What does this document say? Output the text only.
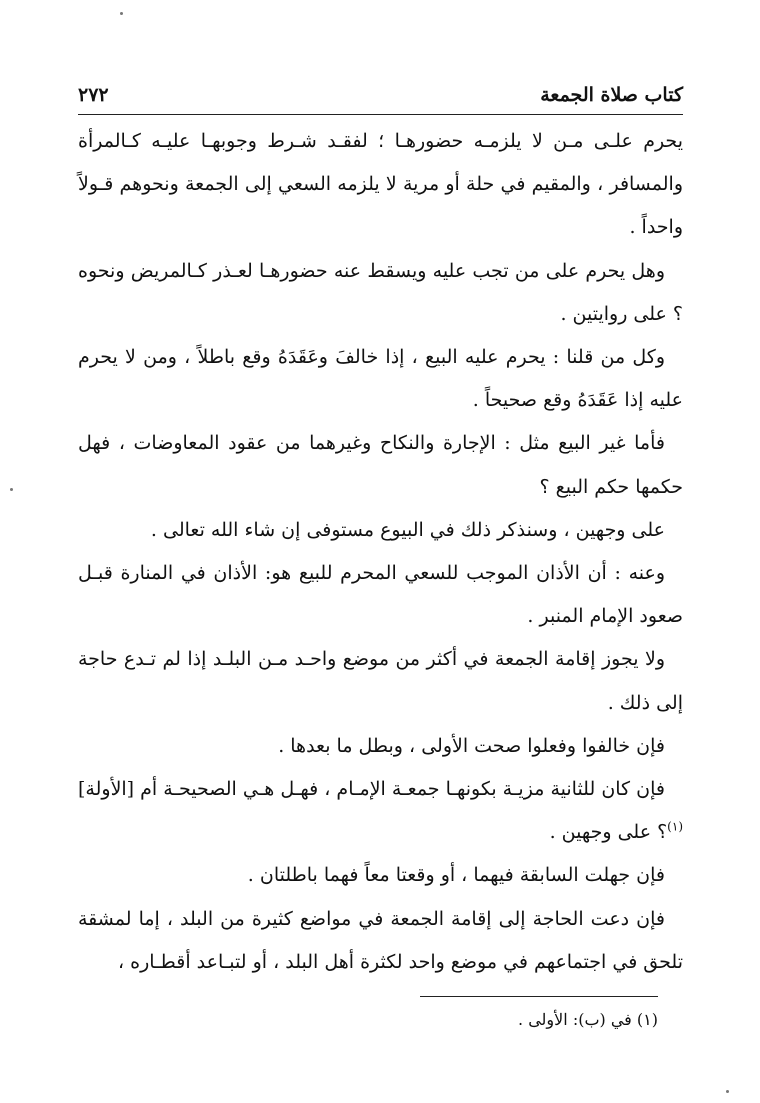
كتاب صلاة الجمعة
٢٧٢

يحرم علـى مـن لا يلزمـه حضورهـا ؛ لفقـد شـرط وجوبهـا عليـه كـالمرأة والمسافر ، والمقيم في حلة أو مرية لا يلزمه السعي إلى الجمعة ونحوهم قـولاً واحداً .

وهل يحرم على من تجب عليه ويسقط عنه حضورهـا لعـذر كـالمريض ونحوه ؟ على روايتين .

وكل من قلنا : يحرم عليه البيع ، إذا خالفَ وعَقَدَهُ وقع باطلاً ، ومن لا يحرم عليه إذا عَقَدَهُ وقع صحيحاً .

فأما غير البيع مثل : الإجارة والنكاح وغيرهما من عقود المعاوضات ، فهل حكمها حكم البيع ؟

على وجهين ، وسنذكر ذلك في البيوع مستوفى إن شاء الله تعالى .

وعنه : أن الأذان الموجب للسعي المحرم للبيع هو: الأذان في المنارة قبـل صعود الإمام المنبر .

ولا يجوز إقامة الجمعة في أكثر من موضع واحـد مـن البلـد إذا لم تـدع حاجة إلى ذلك .

فإن خالفوا وفعلوا صحت الأولى ، وبطل ما بعدها .

فإن كان للثانية مزيـة بكونهـا جمعـة الإمـام ، فهـل هـي الصحيحـة أم [الأولة]$^{(١)}$؟ على وجهين .

فإن جهلت السابقة فيهما ، أو وقعتا معاً فهما باطلتان .

فإن دعت الحاجة إلى إقامة الجمعة في مواضع كثيرة من البلد ، إما لمشقة تلحق في اجتماعهم في موضع واحد لكثرة أهل البلد ، أو لتبـاعد أقطـاره ،

(١) في (ب): الأولى .
